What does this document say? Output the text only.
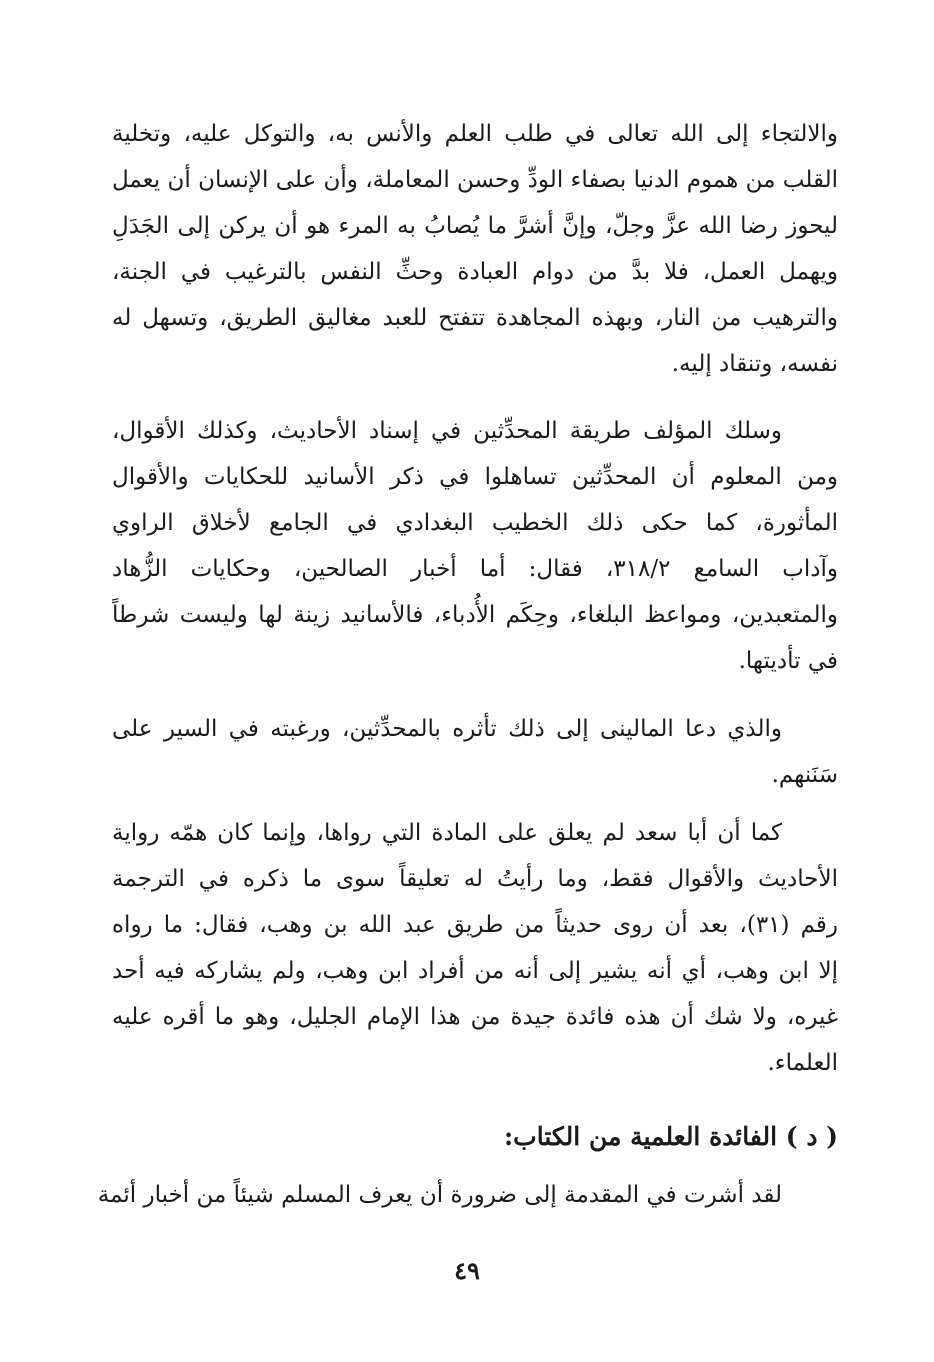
والالتجاء إلى الله تعالى في طلب العلم والأنس به، والتوكل عليه، وتخلية
القلب من هموم الدنيا بصفاء الودِّ وحسن المعاملة، وأن على الإنسان أن يعمل
ليحوز رضا الله عزَّ وجلّ، وإنَّ أشرَّ ما يُصابُ به المرء هو أن يركن إلى الجَدَلِ
ويهمل العمل، فلا بدَّ من دوام العبادة وحثِّ النفس بالترغيب في الجنة،
والترهيب من النار، وبهذه المجاهدة تتفتح للعبد مغاليق الطريق، وتسهل له
نفسه، وتنقاد إليه.
وسلك المؤلف طريقة المحدِّثين في إسناد الأحاديث، وكذلك الأقوال،
ومن المعلوم أن المحدِّثين تساهلوا في ذكر الأسانيد للحكايات والأقوال
المأثورة، كما حكى ذلك الخطيب البغدادي في الجامع لأخلاق الراوي
وآداب السامع ٣١٨/٢، فقال: أما أخبار الصالحين، وحكايات الزُّهاد
والمتعبدين، ومواعظ البلغاء، وحِكَم الأُدباء، فالأسانيد زينة لها وليست شرطاً
في تأديتها.
والذي دعا المالينى إلى ذلك تأثره بالمحدِّثين، ورغبته في السير على
سَنَنهم.
كما أن أبا سعد لم يعلق على المادة التي رواها، وإنما كان همّه رواية
الأحاديث والأقوال فقط، وما رأيتُ له تعليقاً سوى ما ذكره في الترجمة
رقم (٣١)، بعد أن روى حديثاً من طريق عبد الله بن وهب، فقال: ما رواه
إلا ابن وهب، أي أنه يشير إلى أنه من أفراد ابن وهب، ولم يشاركه فيه أحد
غيره، ولا شك أن هذه فائدة جيدة من هذا الإمام الجليل، وهو ما أقره عليه
العلماء.
( د ) الفائدة العلمية من الكتاب:
لقد أشرت في المقدمة إلى ضرورة أن يعرف المسلم شيئاً من أخبار أئمة
٤٩
